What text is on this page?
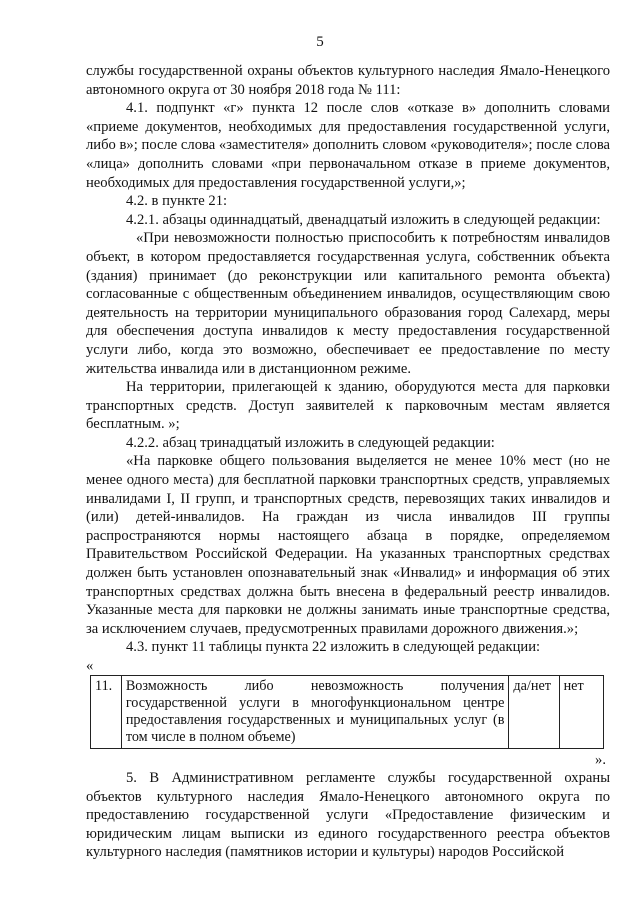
5

службы государственной охраны объектов культурного наследия Ямало-Ненецкого автономного округа от 30 ноября 2018 года № 111:

4.1. подпункт «г» пункта 12 после слов «отказе в» дополнить словами «приеме документов, необходимых для предоставления государственной услуги, либо в»; после слова «заместителя» дополнить словом «руководителя»; после слова «лица» дополнить словами «при первоначальном отказе в приеме документов, необходимых для предоставления государственной услуги,»;

4.2. в пункте 21:

4.2.1. абзацы одиннадцатый, двенадцатый изложить в следующей редакции:

«При невозможности полностью приспособить к потребностям инвалидов объект, в котором предоставляется государственная услуга, собственник объекта (здания) принимает (до реконструкции или капитального ремонта объекта) согласованные с общественным объединением инвалидов, осуществляющим свою деятельность на территории муниципального образования город Салехард, меры для обеспечения доступа инвалидов к месту предоставления государственной услуги либо, когда это возможно, обеспечивает ее предоставление по месту жительства инвалида или в дистанционном режиме.

На территории, прилегающей к зданию, оборудуются места для парковки транспортных средств. Доступ заявителей к парковочным местам является бесплатным. »;

4.2.2. абзац тринадцатый изложить в следующей редакции:

«На парковке общего пользования выделяется не менее 10% мест (но не менее одного места) для бесплатной парковки транспортных средств, управляемых инвалидами I, II групп, и транспортных средств, перевозящих таких инвалидов и (или) детей-инвалидов. На граждан из числа инвалидов III группы распространяются нормы настоящего абзаца в порядке, определяемом Правительством Российской Федерации. На указанных транспортных средствах должен быть установлен опознавательный знак «Инвалид» и информация об этих транспортных средствах должна быть внесена в федеральный реестр инвалидов. Указанные места для парковки не должны занимать иные транспортные средства, за исключением случаев, предусмотренных правилами дорожного движения.»;

4.3. пункт 11 таблицы пункта 22 изложить в следующей редакции:

«

11.	Возможность либо невозможность получения государственной услуги в многофункциональном центре предоставления государственных и муниципальных услуг (в том числе в полном объеме)	да/нет	нет

».

5. В Административном регламенте службы государственной охраны объектов культурного наследия Ямало-Ненецкого автономного округа по предоставлению государственной услуги «Предоставление физическим и юридическим лицам выписки из единого государственного реестра объектов культурного наследия (памятников истории и культуры) народов Российской
